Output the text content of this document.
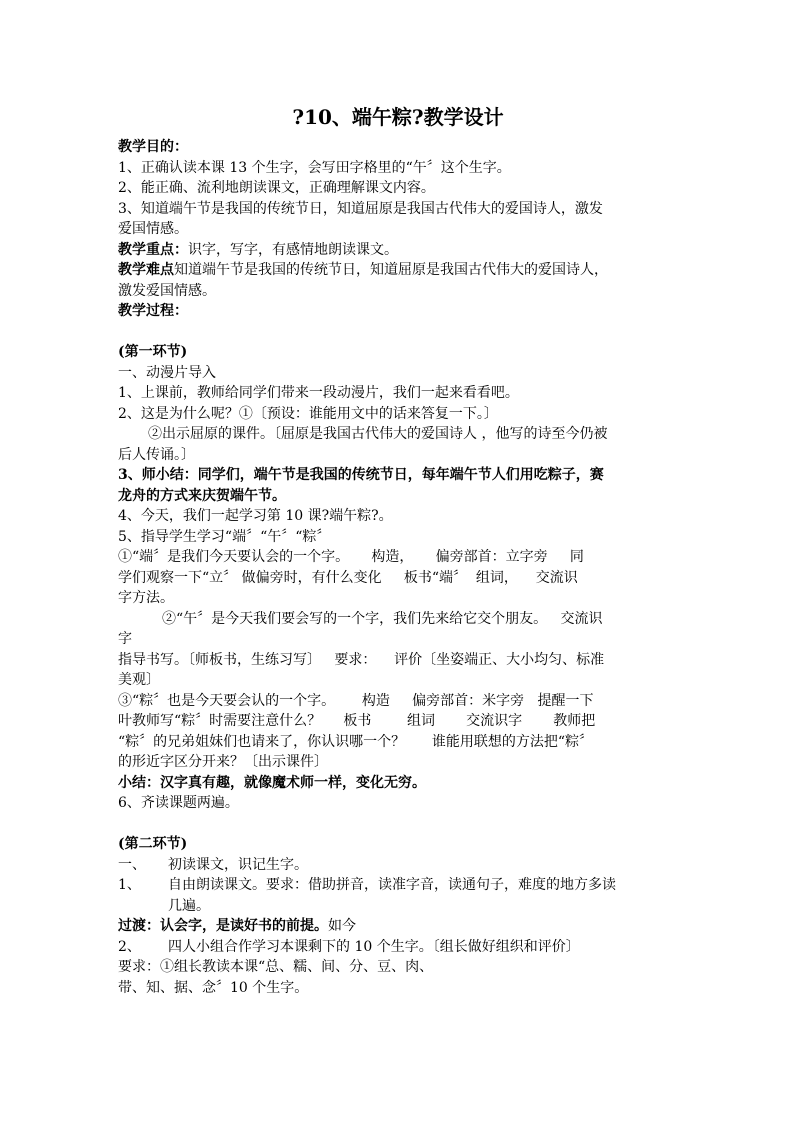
?10、端午粽?教学设计
教学目的：
1、正确认读本课 13 个生字，会写田字格里的“午〞这个生字。
2、能正确、流利地朗读课文，正确理解课文内容。
3、知道端午节是我国的传统节日，知道屈原是我国古代伟大的爱国诗人，激发
爱国情感。
教学重点：识字，写字，有感情地朗读课文。
教学难点知道端午节是我国的传统节日，知道屈原是我国古代伟大的爱国诗人，
激发爱国情感。
教学过程：
(第一环节)
一、动漫片导入
1、上课前，教师给同学们带来一段动漫片，我们一起来看看吧。
2、这是为什么呢？①〔预设：谁能用文中的话来答复一下。〕
②出示屈原的课件。〔屈原是我国古代伟大的爱国诗人 ，他写的诗至今仍被
后人传诵。〕
3、师小结：同学们，端午节是我国的传统节日，每年端午节人们用吃粽子，赛
龙舟的方式来庆贺端午节。
4、今天，我们一起学习第 10 课?端午粽?。
5、指导学生学习“端〞“午〞“粽〞
①“端〞是我们今天要认会的一个字。     构造，     偏旁部首：立字旁     同
学们观察一下“立〞 做偏旁时，有什么变化     板书“端〞  组词，    交流识
字方法。
②“午〞是今天我们要会写的一个字，我们先来给它交个朋友。   交流识
字
指导书写。〔师板书，生练习写〕   要求：    评价〔坐姿端正、大小均匀、标准
美观〕
③“粽〞也是今天要会认的一个字。      构造     偏旁部首：米字旁   提醒一下
叶教师写“粽〞时需要注意什么？     板书        组词       交流识字       教师把
“粽〞的兄弟姐妹们也请来了，你认识哪一个？      谁能用联想的方法把“粽〞
的形近字区分开来？〔出示课件〕
小结：汉字真有趣，就像魔术师一样，变化无穷。
6、齐读课题两遍。
(第二环节)
一、	初读课文，识记生字。
1、	自由朗读课文。要求：借助拼音，读准字音，读通句子，难度的地方多读
几遍。
过渡：认会字，是读好书的前提。如今
2、	四人小组合作学习本课剩下的 10 个生字。〔组长做好组织和评价〕
要求：①组长教读本课“总、糯、间、分、豆、肉、
带、知、据、念〞10 个生字。
